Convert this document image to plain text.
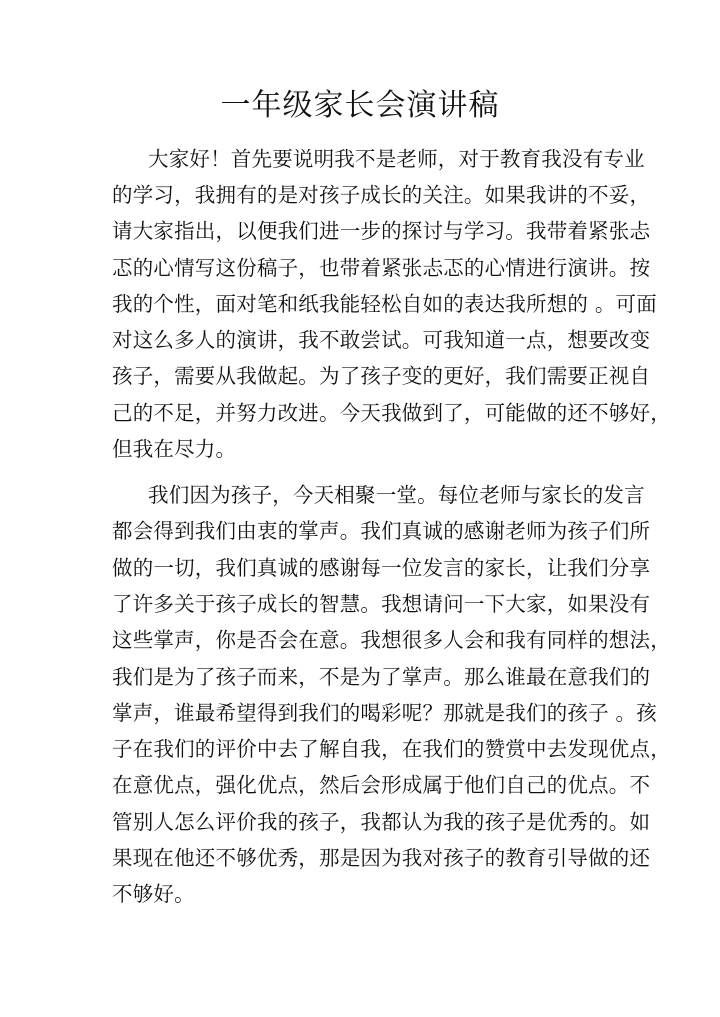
一年级家长会演讲稿
大家好！首先要说明我不是老师，对于教育我没有专业
的学习，我拥有的是对孩子成长的关注。如果我讲的不妥，
请大家指出，以便我们进一步的探讨与学习。我带着紧张忐
忑的心情写这份稿子，也带着紧张忐忑的心情进行演讲。按
我的个性，面对笔和纸我能轻松自如的表达我所想的 。可面
对这么多人的演讲，我不敢尝试。可我知道一点，想要改变
孩子，需要从我做起。为了孩子变的更好，我们需要正视自
己的不足，并努力改进。今天我做到了，可能做的还不够好，
但我在尽力。
我们因为孩子，今天相聚一堂。每位老师与家长的发言
都会得到我们由衷的掌声。我们真诚的感谢老师为孩子们所
做的一切，我们真诚的感谢每一位发言的家长，让我们分享
了许多关于孩子成长的智慧。我想请问一下大家，如果没有
这些掌声，你是否会在意。我想很多人会和我有同样的想法，
我们是为了孩子而来，不是为了掌声。那么谁最在意我们的
掌声，谁最希望得到我们的喝彩呢？那就是我们的孩子 。孩
子在我们的评价中去了解自我，在我们的赞赏中去发现优点，
在意优点，强化优点，然后会形成属于他们自己的优点。不
管别人怎么评价我的孩子，我都认为我的孩子是优秀的。如
果现在他还不够优秀，那是因为我对孩子的教育引导做的还
不够好。
